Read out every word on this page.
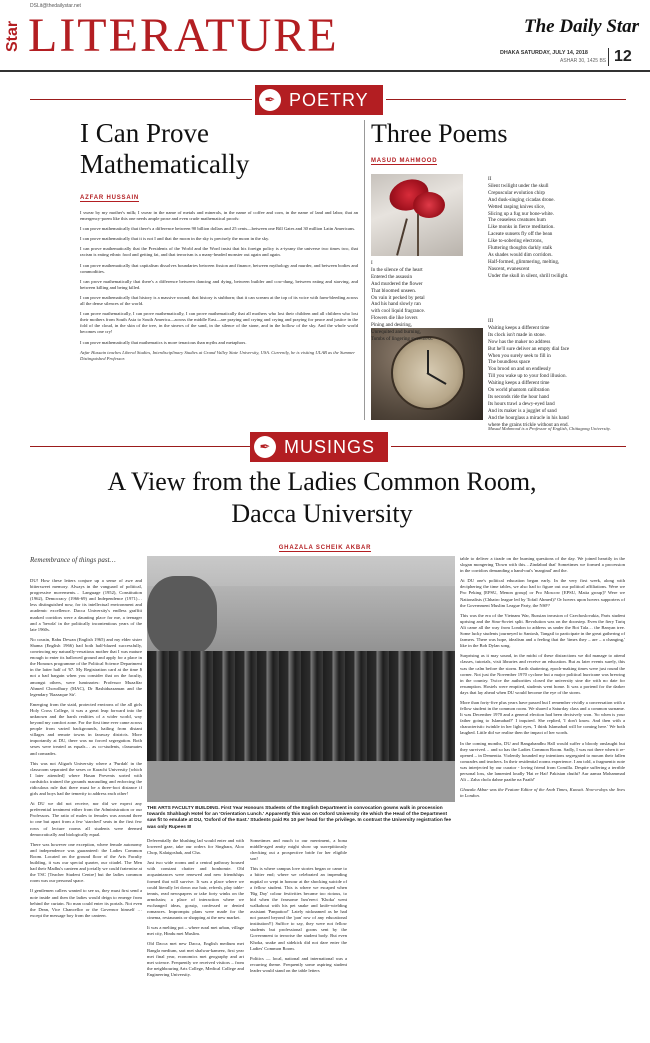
DSLit@thedailystar.net
Star LITERATURE	The Daily Star
DHAKA SATURDAY, JULY 14, 2018
ASHAR 30, 1425 BS 12
✒ POETRY
I Can Prove Mathematically
AZFAR HUSSAIN

I swear by my mother's milk; I swear in the name of metals and minerals, in the name of coffee and corn, in the name of land and labor, that an emergency-poem like this one needs ample prose and even crude mathematical proofs:

I can prove mathematically that there's a difference between 90 billion dollars and 25 cents—between one Bill Gates and 30 million Latin Americans.

I can prove mathematically that it is not I and that the moon in the sky is precisely the moon in the sky.

I can prove mathematically that the Presidents of the World and the Word insist that his foreign policy is a-tyrany the universe two times two, that racism is eating ethnic food and getting fat, and that terrorism is a many-headed monster out again and again.

I can prove mathematically that capitalism dissolves boundaries between fission and finance, between mythology and murder, and between bodies and commodities.

I can prove mathematically that there's a difference between dancing and dying, between builder and cow-dung, between eating and starving, and between killing and being killed.

I can prove mathematically that history is a massive wound; that history is stubborn; that it can scream at the top of its voice with farm-bleeding across all the dense silences of the world.

I can prove mathematically, I can prove mathematically, I can prove mathematically that all mothers who lost their children and all children who lost their mothers from South Asia to South America—across the middle East—are praying and crying and crying and praying for peace and justice in the fold of the cloud, in the skin of the tree, in the sinews of the sand, in the silence of the stone, and in the hollow of the sky. And the whole world becomes one cry!

I can prove mathematically that mathematics is more tenacious than myths and metaphors.

Azfar Hussain teaches Liberal Studies, Interdisciplinary Studies at Grand Valley State University, USA. Currently, he is visiting ULAB as the Summer Distinguished Professor.
Three Poems
MASUD MAHMOOD
I
In the silence of the heart
Entered the assassin
And murdered the flower
That bloomed unseen.
On vain it pecked by petal
And his hand slowly ran
with cool liquid fragrance.
Flowers die like lovers
Pining and desiring,
Unrequited and burning,
Tombs of lingering sweetness.
II
Silent twilight under the skull
Crepuscular evolution chirp
And dusk-singing cicadas drone.
Wetted rasping knives slice,
Slicing up a fug nur bone-white.
The ceaseless creatures hum
Like monks in fierce meditation.
Laceate sunsets fly off the bean
Like to-sobering electrons,
Fluttering thoughts darkly stalk
As shades would dim corridors.
Half-formed, glimmering, melting,
Nascent, evanescent
Under the skull in silent, shrill twilight.
III
Waiting keeps a different time
Its clock isn't made in stone.
Now has the maker no address
But he'll sure deliver an empty dial face
When you surely seek to fill in
The boundless space
You brood on and on endlessly
Till you wake up to your fond illusion.
Waiting keeps a different time
On world phantom calibration
Its seconds ride the hour hand
Its hours trawl a dewy-eyed land
And its maker is a jugglet of sand
And the hourglass a miracle in his hand
where the grains trickle without an end.
Masud Mahmood is a Professor of English, Chittagong University.
✒ MUSINGS
A View from the Ladies Common Room, Dacca University
GHAZALA SCHEIK AKBAR
Remembrance of things past…

DU! How these letters conjure up a sense of awe and bittersweet memory. Always in the vanguard of political, progressive movements… Language (1952), Constitution (1962), Democracy (1966-69) and Independence (1971)… less distinguished now, for its intellectual environment and academic excellence. Dacca University's endless graffiti marked corridors were a daunting place for me, a teenager and a 'bewda' in the politically incontentious years of the late 1960s.

No cousin, Rabu Dewan (English 1965) and my elder sister Shama (English 1966) had both half-blazed successfully, convincing my naturally-vexatious mother that I was mature enough to enter its hallowed ground and apply for a place in the Honours programme of the Political Science Department in the latter half of '67. My Registration card at the time $ not a bad bargain when you consider that on the faculty, amongst others, were luminaries: Professor Muzaffar Ahmed Chowdhury (MAC), Dr Rashiduzzaman and the legendary 'Razzaque Sir'.

Emerging from the staid, protected environs of the all girls Holy Cross College, it was a great leap forward into the unknown and the harsh realities of a wider world, way beyond my comfort zone. For the first time ever came across people from varied backgrounds, hailing from distant villages and remote towns in faraway districts. More importantly at DU, there was no forced segregation. Both sexes were treated as equals… as co-students, classmates and comrades.

This was not Aligarh University where a 'Purdah' in the classroom separated the sexes or Karachi University [which I later attended] where Hasan Prevents sorted with cardsticks trained the grounds marauding and enforcing the ridiculous rule that there must be a three-foot distance if girls and boys had the temerity to address each other!

At DU we did not receive, nor did we expect any preferential treatment either from the Administration or our Professors. The ratio of males to females was around three to one but apart from a few 'starched' seats in the first few rows of lecture rooms all students were deemed democratically and biologically equal.

There was however one exception, where female autonomy and independence was guaranteed: the Ladies Common Room. Located on the ground floor of the Arts Faculty building, it was our special quarter, our citadel. The Men had their Madhu's canteen and jovially we could fraternise at the TSC [Teacher Student Centre] but the ladies common room was our personal space.

If gentlemen callers wanted to see us, they must first send a note inside and then the ladies would deign to emerge from behind the curtain. No man could enter its portals. Not even the Dean, Vice Chancellor or the Governor himself … except the message boy from the canteen.

THE ARTS FACULTY BUILDING. First Year Honours Students of the English Department in convocation gowns walk in procession towards Shahbagh Hotel for an 'Orientation Lunch.' Apparently this was on Oxford University rite which the Head of the Department saw fit to emulate at DU, 'Oxford of the East.' Students paid Rs 10 per head for the privilege. In contrast the University registration fee was only Rupees 8!

Deferentially the blushing lad would enter and with lowered gaze, take our orders for Singhara, Aloo Chop, Kalaigoshak, and Cha.

Just two wide rooms and a central pathway housed with constant chatter and bonhomie. Old acquaintances were renewed and new friendships formed that will survive. It was a place where we could literally let down our hair, refresh, play table-tennis, read newspapers or take forty winks on the armchairs; a place of interaction where we exchanged ideas, gossip, confessed or denied romances. Impromptu plans were made for the cinema, restaurants or shopping at the new market.

It was a melting pot – where rural met urban, village met city, Hindu met Muslim.

Old Dacca met new Dacca, English medium met Bangla medium, sari met shalwar-kameez, first year met final year, economics met geography and art met science. Frequently we received visitors – from the neighbouring Arts College, Medical College and Engineering University.

Sometimes and much to our merriment, a bona middle-aged amity might show up surreptitiously checking out a prospective bride for her eligible son!

This is where campus love stories began or came to a bitter end; where we celebrated an impending nuptial or wept in honour at the shocking suicide of a fellow student. This is where we escaped when 'Big Day' colour festivities became too riotous, to hid when the fearsome Ism'erect 'Khoka' went walkabout with his pet snake and knife-wielding assistant 'Panpattoo!' Lately nicknamed as he had not passed beyond the 'pan' row of any educational institution!!) Suffice to say, they were not fellow students but professional goons sent by the Government to terrorise the student body. But even Khoka, snake and sidekick did not dare enter the Ladies' Common Room.

Politics — local, national and international was a recurring theme. Frequently some aspiring student leader would stand on the table letters

table to deliver a tirade on the burning questions of the day. We joined heartily in the slogan mongering 'Down with this…Zindabad that' Sometimes we formed a procession in the corridors demanding a hand-out's 'marginal' and the.

At DU one's political education began early. In the very first week, along with deciphering the time tables, we also had to figure out our political affiliations. Were we Pro Peking [EPSU, Menon group] or Pro Moscow [EPSU, Matia group]? Were we Nationalists (Chhatro league led by Tofail Ahmed)? Or hovers upon hovers supporters of the Government Muslim League Party, the NSF?

This was the era of the Vietnam War, Russian invasion of Czechoslovakia, Paris student uprising and the Sino-Soviet split. Revolution was on the doorstep. Even the fiery Tariq Ali came all the way from London to address us under the Bot Tala… the Banyan tree. Some lucky students journeyed to Santosh, Tangail to participate in the great gathering of farmers. There was hope, idealism and a feeling that the 'times they – are – a changing,' like in the Bob Dylan song.

Surprising as it may sound, in the midst of these distractions we did manage to attend classes, tutorials, visit libraries and receive an education. But as later events surely, this was the calm before the storm. Earth shattering, epoch-making times were just round the corner. Not just the November 1970 cyclone but a major political hurricane was brewing in the country. Twice the authorities closed the university sine die with no date for resumption. Hostels were emptied, students went home. It was a portend for the darker days that lay ahead when DU would become the eye of the storm.

More than forty-five plus years have passed but I remember vividly a conversation with a fellow student in the common room. We shared a Saturday class and a common surname. It was December 1970 and a general election had been decisively won. 'So when is your father going to Islamabad?' I inquired. She replied, 'I don't know. And then with a characteristic twinkle in her light eyes, 'I think Islamabad will be coming here.' We both laughed. Little did we realise then the impact of her words.

In the coming months, DU and Bangabandhu Hall would suffer a bloody onslaught but they survived… and so has the Ladies Common Room. Sadly, I was not there when it re-opened – in Dementia. Violently hounded my intentions segregated to mourn their fallen comrades and teachers. In their residential rooms experience. I am told, a fragmentic note was interjected by our curator - loving friend from Comilla. Despite suffering a terrible personal loss, she lamented loudly 'Hai re Hai! Pakistan chuthi? Aur aamra Mohammad Ali – Zaha chola dahne paathe na Faath!'

Ghazala Akbar was the Feature Editor of the Arab Times, Kuwait. Now-a-days she lives in London.
